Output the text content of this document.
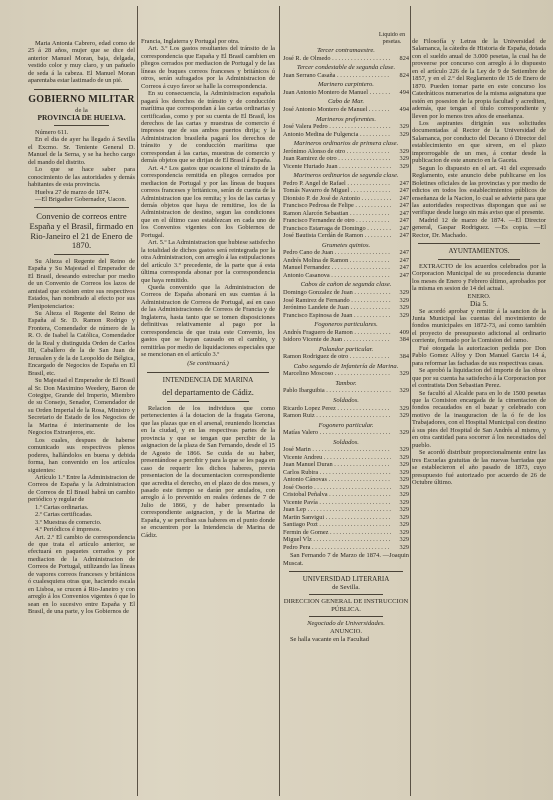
Maria Antonia Cabrero, edad como de 25 á 28 años, mujer que se dice del anterior Manuel Moran, baja, delgada, vestido color y muy claro, y un pañuelo de seda á la cabeza. El Manuel Moran aparentaba estar lastimado de un pié.

GOBIERNO MILITAR
de la
PROVINCIA DE HUELVA.

Número 611.

En el dia de ayer ha llegado á Sevilla el Excmo. Sr. Teniente General D. Manuel de la Serna, y se ha hecho cargo del mando del distrito.

Lo que se hace saber para conocimiento de las autoridades y demás habitantes de esta provincia.

Huelva 27 de marzo de 1874.

—El Brigadier Gobernador, Uacon.

Convenio de correos entre España y el Brasil, firmado en Rio-Janeiro el 21 de Enero de 1870.

Su Alteza el Regente del Reino de España y Su Majestad el Emperador de El Brasil, deseando estrechar por medio de un Convenio de Correos los lazos de amistad que existen entre sus respectivos Estados, han nombrado al efecto por sus Plenipotenciarios:

Su Alteza el Regente del Reino de España al Sr. D. Ramon Rodrigo y Frontera, Comendador de número de la R. O. de Isabel la Católica, Comendador de la Real y distinguida Orden de Carlos III, Caballero de la de San Juan de Jerusalen y de la de Leopoldo de Bélgica, Encargado de Negocios de España en El Brasil, etc.

Su Majestad el Emperador de El Brasil al Sr. Don Maximino Weedery, Baron de Cotegipe, Grande del Imperio, Miembro de su Consejo, Senador, Comendador de su Orden Imperial de la Rosa, Ministro y Secretario de Estado de los Negocios de la Marina é interinamente de los Negocios Extranjeros, etc.

Los cuales, despues de haberse comunicado sus respectivos plenos poderes, hallándolos en buena y debida forma, han convenido en los artículos siguientes:

Artículo 1.º Entre la Administracion de Correos de España y la Administracion de Correos de El Brasil habrá un cambio periódico y regular de

1.º Cartas ordinarias.

2.º Cartas certificadas.

3.º Muestras de comercio.

4.º Periódicos é impresos.

Art. 2.º El cambio de correspondencia de que trata el artículo anterior, se efectuará en paquetes cerrados y por mediacion de la Administracion de Correos de Portugal, utilizando las líneas de vapores correos franceses y británicos ó cualesquiera otras que, haciendo escala en Lisboa, se crucen á Rio-Janeiro y con arreglo á los Convenios vigentes ó que lo sean en lo sucesivo entre España y El Brasil, de una parte, y los Gobiernos de

Francia, Inglaterra y Portugal por otra.

Art. 3.º Los gastos resultantes del tránsito de la correspondencia que España y El Brasil cambien en pliegos cerrados por mediacion de Portugal y de las líneas de buques correos franceses y británicos ú otros, serán sufragados por la Administracion de Correos á cuyo favor se halle la correspondencia.

En su consecuencia, la Administracion española pagará los derechos de tránsito y de conducción marítima que correspondan á las cartas ordinarias y certificadas, como y por su cuenta de El Brasil, los derechos de las cartas y muestras de comercio é impresos que de sus ambos puertos dirija; y la Administracion brasileña pagará los derechos de tránsito y de conducción marítima que correspondan á las cartas, muestras de comercio y demás objetos que se dirijan de El Brasil á España.

Art. 4.º Los gastos que ocasione el tránsito de la correspondencia remitida en pliegos cerrados por mediacion de Portugal y por las líneas de buques correos franceses y británicos, serán de cuenta de la Administracion que los remita; y los de las cartas y demás objetos que haya de remitirse, los de la Administracion de destino, segun las condiciones que en el último caso establezcan en cada uno de los Convenios vigentes con los Gobiernos de Portugal.

Art. 5.º La Administracion que hubiese satisfecho la totalidad de dichos gastos será reintegrada por la otra Administracion, con arreglo á las estipulaciones del artículo 3.º precedente, de la parte que á esta última corresponda abonar por la correspondencia que haya remitido.

Queda convenido que la Administracion de Correos de España abonará en sus cuentas á la Administracion de Correos de Portugal, así en caso de las Administraciones de Correos de Francia y de Inglaterra, hasta tanto que se tomen disposiciones definitivas relativamente al pago por la correspondencia de que trata este Convenio, los gastos que se hayan causado en el cambio, y remitirlas por medio de liquidaciones especiales que se mencionan en el artículo 3.º

(Se continuará.)

INTENDENCIA DE MARINA
del departamento de Cádiz.

Relacion de los individuos que como pertenecientes á la dotacion de la fragata Gerona, que las plazas que en el arsenal, reuniendo licencias en la ciudad, y en las respectivas partes de la provincia y que se tengan que percibir de la asignacion de la plaza de San Fernando, desde el 15 de Agosto de 1866. Se cuida de su haber, presentándose a percibir y para la que se les paga en caso de requerir los dichos haberes, previa presentacion de la documentacion correspondiente que acredita el derecho, en el plazo de dos meses, y pasado este tiempo se darán por anulados, con arreglo á lo prevenido en reales órdenes de 7 de Julio de 1866, y de haber presentado la correspondiente asignacion, y de la Marina de España, y se perciban sus haberes en el punto donde se encuentren por la Intendencia de Marina de Cádiz.

Líquido en pesetas.
Tercer contramaestre.
José R. de Olmedo . . .	824
Tercer condestable de segunda clase.
Juan Serrano Casaña . . .	824
Marinero carpintero.
Juan Antonio Montero de Manuel . . .	494
Cabo de Mar.
José Antonio Montero de Manuel . . .	494
Marineros preferentes.
José Valera Pedro . . .	329
Antonio Medina de Fulgencia . . .	329
Marineros ordinarios de primera clase.
Jerónimo Alonso de otro . . .	329
Juan Ramirez de otro . . .	329
Vicente Hurtado Juan . . .	329
Marineros ordinarios de segunda clase.
Pedro P. Angel de Rafael . . .	247
Tomás Navarro de Miguel . . .	247
Dionisio P. de José de Antonio . . .	247
Francisco Pedrosa de Felipe . . .	247
Ramon Alarcón Sebastian . . .	247
Francisco Fernandez de otro . . .	247
Francisco Estarraga de Domingo . . .	247
José Bautista Cerdán de Ramon . . .	247
Grumetes quintos.
Pedro Cano de Juan . . .	247
Andrés Molina de Ramon . . .	247
Manuel Fernandez . . .	247
Antonio Casanova . . .	247
Cabos de cañon de segunda clase.
Domingo Gonzalez de Juan . . .	329
José Ramirez de Fernando . . .	329
Jerónimo Landete de Juan . . .	329
Francisco Espinosa de Juan . . .	329
Fogoneros particulares.
Andrés Fraguero de Ramon . . .	409
Isidoro Vicente de Juan . . .	384
Palandor particular.
Ramon Rodriguez de otro . . .	384
Cabo segundo de Infantería de Marina.
Marcelino Moscoso . . .	329
Tambor.
Pablo Ibarguibia . . .	329
Soldados.
Ricardo Lopez Perez . . .	329
Ramon Ruiz . . .	329
Fogonero particular.
Matías Valero . . .	329
Soldados.
José Marin . . .	329
Vicente Andreu . . .	329
Juan Manuel Duran . . .	329
Carlos Rubira . . .	329
Antonio Cánovas . . .	329
José Osorio . . .	329
Cristobal Peñalva . . .	329
Vicente Pavía . . .	329
Juan Lep . . .	329
Martin Sanvigui . . .	329
Santiago Pozt . . .	329
Fermin de Gomez . . .	329
Miguel Vlz . . .	329
Pedro Pera . . .	329

San Fernando 7 de Marzo de 1874. —Joaquin Muscat.

UNIVERSIDAD LITERARIA
de Sevilla.
DIRECCION GENERAL DE INSTRUCCION PÚBLICA.
Negociado de Universidades.
ANUNCIO.

Se halla vacante en la Facultad

de Filosofía y Letras de la Universidad de Salamanca, la cátedra de Historia de España, dotada con el sueldo anual de 3.000 pesetas, la cual ha de proveerse por concurso con arreglo á lo dispuesto en el artículo 226 de la Ley de 9 de Setiembre de 1857, y en el 2.º del Reglamento de 15 de Enero de 1870. Pueden tomar parte en este concurso los Catedráticos numerarios de la misma asignatura que estén en posesion de la propia facultad y acrediten, además, que tengan el título correspondiente y lleven por lo menos tres años de enseñanza.

Los aspirantes dirigirán sus solicitudes documentadas al Rector de la Universidad de Salamanca, por conducto del Decano ó Director del establecimiento en que sirven, en el plazo improrrogable de un mes, á contar desde la publicacion de este anuncio en la Gaceta.

Segun lo dispuesto en el art. 41 del expresado Reglamento, este anuncio debe publicarse en los Boletines oficiales de las provincias y por medio de edictos en todos los establecimientos públicos de enseñanza de la Nacion, lo cual se advierte para que las autoridades respectivas dispongan que así se verifique desde luego sin más aviso que el presente.

Madrid 12 de marzo de 1874. —El Director general, Gaspar Rodriguez. —Es copia. —El Rector, Dr. Machado.

AYUNTAMIENTOS.

EXTRACTO de los acuerdos celebrados por la Corporacion Municipal de su procedencia durante los meses de Enero y Febrero último, aprobados por la misma en sesion de 14 del actual.

ENERO.

Dia 5.

Se acordó aprobar y remitir á la sancion de la Junta Municipal las cuentas del movimiento de fondos municipales en 1872-73, así como también el proyecto de presupuesto adicional al ordinario corriente, formado por la Comision del ramo.

Fué otorgada la autorizacion pedida por Don Pablo Gomez Alfoy y Don Manuel Garcia 14 á, para reformar las fachadas de sus respectivas casas.

Se aprobó la liquidacion del importe de las obras que por su cuenta ha satisfecho á la Corporacion por el contratista Don Sebastian Perez.

Se facultó al Alcalde para en lo de 1500 pesetas que la Comision encargada de la cimentacion de fondos recaudados en el bazar y celebrado con motivo de la inauguracion de la ó fe de los Trabajadores, con el Hospital Municipal con destino á sus pies del Hospital de San Andrés al mismo, y en otra cantidad para socorrer á los necesitados del pueblo.

Se acordó distribuir proporcionalmente entre las tres Escuelas gratuitas de las nuevas barriadas que se establecieron el año pasado de 1873, cuyo presupuesto fué autorizado por acuerdo de 26 de Octubre último.
